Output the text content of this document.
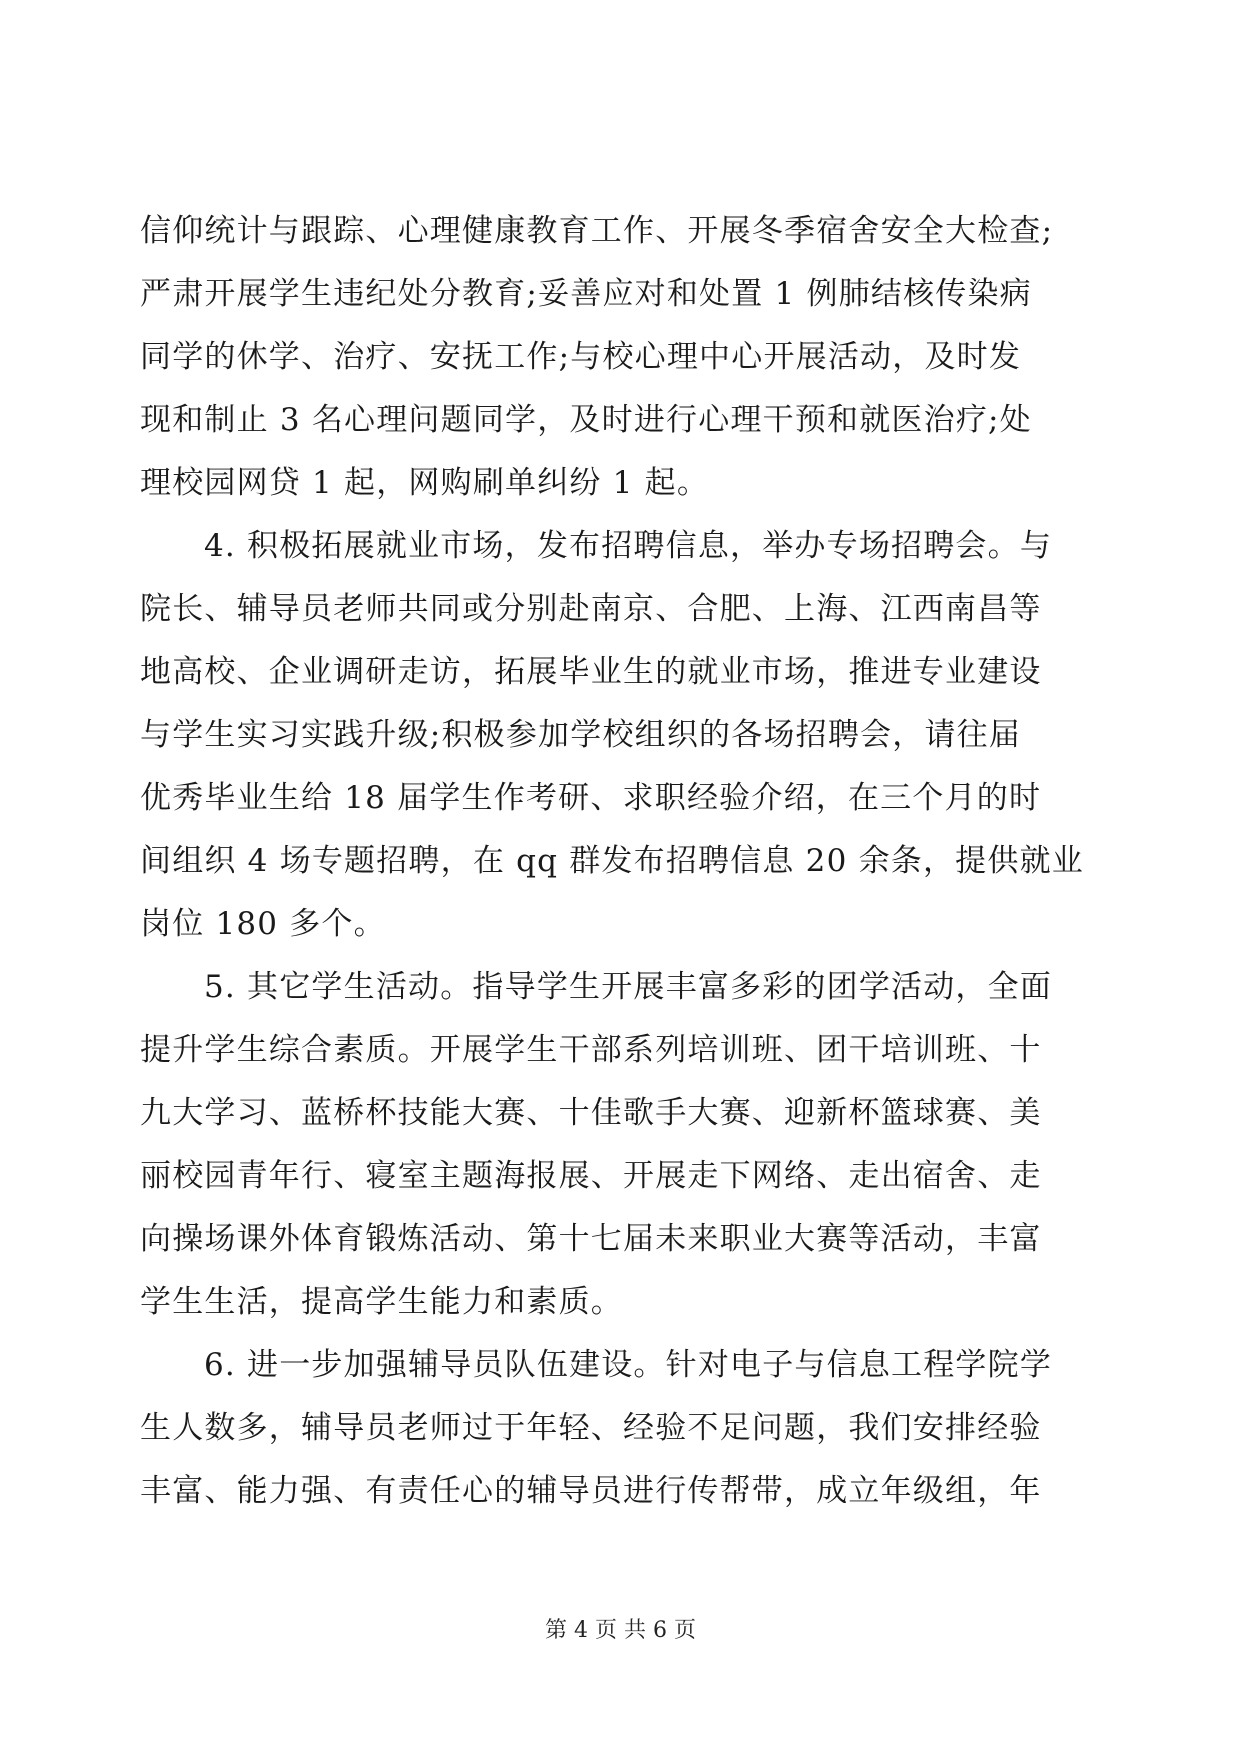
信仰统计与跟踪、心理健康教育工作、开展冬季宿舍安全大检查;
严肃开展学生违纪处分教育;妥善应对和处置 1 例肺结核传染病
同学的休学、治疗、安抚工作;与校心理中心开展活动，及时发
现和制止 3 名心理问题同学，及时进行心理干预和就医治疗;处
理校园网贷 1 起，网购刷单纠纷 1 起。
4. 积极拓展就业市场，发布招聘信息，举办专场招聘会。与
院长、辅导员老师共同或分别赴南京、合肥、上海、江西南昌等
地高校、企业调研走访，拓展毕业生的就业市场，推进专业建设
与学生实习实践升级;积极参加学校组织的各场招聘会，请往届
优秀毕业生给 18 届学生作考研、求职经验介绍，在三个月的时
间组织 4 场专题招聘，在 qq 群发布招聘信息 20 余条，提供就业
岗位 180 多个。
5. 其它学生活动。指导学生开展丰富多彩的团学活动，全面
提升学生综合素质。开展学生干部系列培训班、团干培训班、十
九大学习、蓝桥杯技能大赛、十佳歌手大赛、迎新杯篮球赛、美
丽校园青年行、寝室主题海报展、开展走下网络、走出宿舍、走
向操场课外体育锻炼活动、第十七届未来职业大赛等活动，丰富
学生生活，提高学生能力和素质。
6. 进一步加强辅导员队伍建设。针对电子与信息工程学院学
生人数多，辅导员老师过于年轻、经验不足问题，我们安排经验
丰富、能力强、有责任心的辅导员进行传帮带，成立年级组，年
第 4 页 共 6 页
